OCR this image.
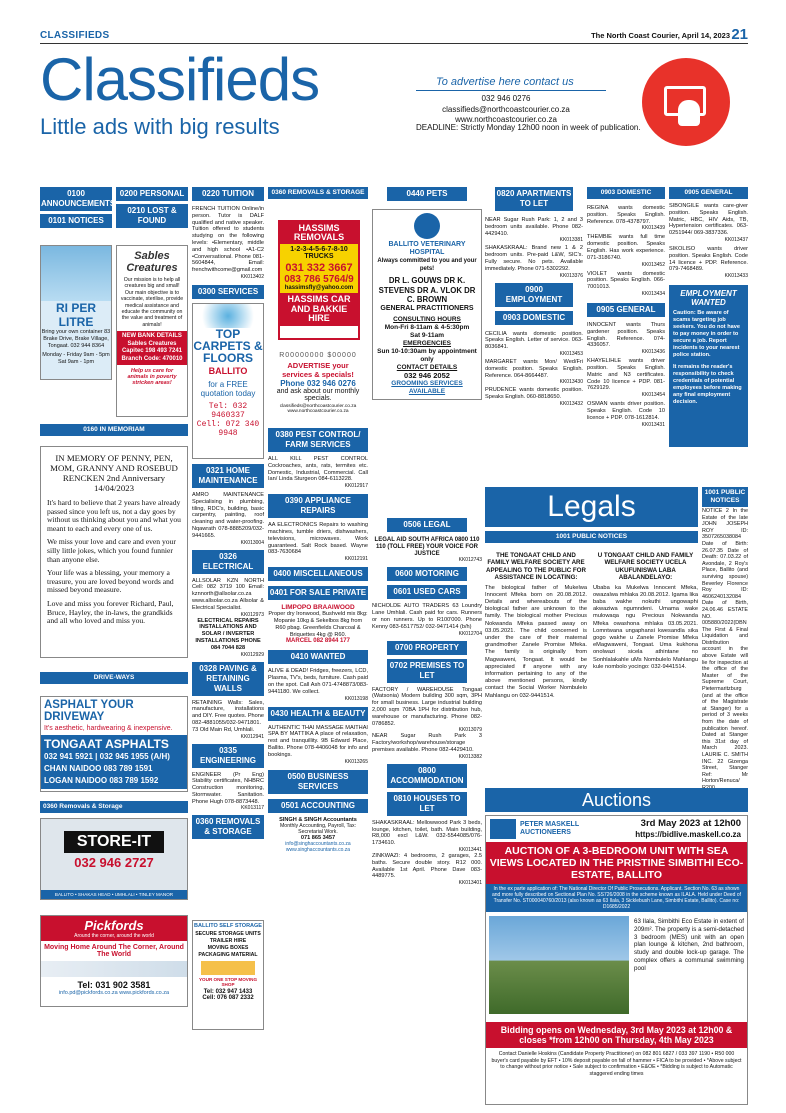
CLASSIFIEDS	The North Coast Courier, April 14, 2023 21
Classifieds
Little ads with big results
To advertise here contact us
032 946 0276
classifieds@northcoastcourier.co.za
www.northcoastcourier.co.za
DEADLINE: Strictly Monday 12h00 noon in week of publication.
0100 ANNOUNCEMENTS
0101 NOTICES
RI PER LITRE
Bring your own container 83 Brake Drive, Brake Village, Tongaat. 032 944 8364
Monday - Friday 9am - 5pm Sat 9am - 1pm
0160 IN MEMORIAM
IN MEMORY OF PENNY, PEN, MOM, GRANNY AND ROSEBUD RENCKEN 2nd Anniversary 14/04/2023

It's hard to believe that 2 years have already passed since you left us, not a day goes by without us thinking about you and what you meant to each and every one of us.

We miss your love and care and even your silly little jokes, which you found funnier than anyone else.

Your life was a blessing, your memory a treasure, you are loved beyond words and missed beyond measure.

Love and miss you forever Richard, Paul, Bruce, Hayley, the in-laws, the grandkids and all who loved and miss you.

DRIVE-WAYS
ASPHALT YOUR DRIVEWAY
It's aesthetic, hardwearing & inexpensive.
TONGAAT ASPHALTS
032 941 5921 | 032 945 1955 (A/H)
CHAN NAIDOO 083 789 1591
LOGAN NAIDOO 083 789 1592
0360 Removals & Storage
STORE-IT
032 946 2727
BALLITO • SHAKAS HEAD • UMHLALI • TINLEY MANOR
Pickfords
Around the corner, around the world
Moving Home Around The Corner, Around The World
Tel: 031 902 3581
info.pd@pickfords.co.za www.pickfords.co.za
0200 PERSONAL
0210 LOST & FOUND
Sables Creatures
Our mission is to help all creatures big and small! Our main objective is to vaccinate, sterilise, provide medical assistance and educate the community on the value and treatment of animals!
NEW BANK DETAILS Sables Creatures Capitec 198 493 7241 Branch Code: 470010
Help us care for animals in poverty stricken areas!
0220 TUITION
FRENCH TUITION Online/in person. Tutor is DALF qualified and native speaker. Tuition offered to students studying on the following levels: •Elementary, middle and high school •A1-C2 •Conversational. Phone 081-5604844, Email: frenchwithcome@gmail.com
KK013402
0300 SERVICES
TOP CARPETS & FLOORS
BALLITO
for a FREE quotation today
Tel: 032 9460337
Cell: 072 340 9948
0321 HOME MAINTENANCE
AMRO MAINTENANCE Specialising in plumbing, tiling, RDC's, building, basic carpentry, painting, roof cleaning and water-proofing. Nqawrath 078-8885209/032-9441665.
KK013004
0326 ELECTRICAL
ALLSOLAR KZN NORTH Cell: 082 3719 100 Email: kznnorth@allsolar.co.za www.allsolar.co.za Allsolar & Electrical Specialist.
KK012973
ELECTRICAL REPAIRS INSTALLATIONS AND SOLAR / INVERTER INSTALLATIONS PHONE 084 7044 828
KK012929
0328 PAVING & RETAINING WALLS
RETAINING Walls: Sales, manufacture, installations and DIY. Free quotes. Phone 082-4881055/032-9471801. 73 Old Main Rd, Umhlali.
KK012941
0335 ENGINEERING
ENGINEER (Pr Eng) Stability certificates, NHBRC Construction monitoring, Stormwater. Sanitation. Phone Hugh 078-8873448.
KK013117
0360 REMOVALS & STORAGE
BALLITO SELF STORAGE
SECURE STORAGE UNITS
TRAILER HIRE
MOVING BOXES
PACKAGING MATERIAL
YOUR ONE STOP MOVING SHOP
Tel: 032 947 1433
Cell: 076 087 2332
0360 REMOVALS & STORAGE
HASSIMS REMOVALS
1-2-3-4-5-6-7-8-10 TRUCKS
031 332 3667
083 786 5764/9
hassimsfly@yahoo.com
HASSIMS CAR AND BAKKIE HIRE
R00000000 $00000
ADVERTISE your services & specials!
Phone 032 946 0276
and ask about our monthly specials.
classifieds@northcoastcourier.co.za www.northcoastcourier.co.za
0380 PEST CONTROL/ FARM SERVICES
ALL KILL PEST CONTROL Cockroaches, ants, rats, termites etc. Domestic, Industrial, Commercial. Call Ian/ Linda Sturgeon 084-6113228.
KK012917
0390 APPLIANCE REPAIRS
AA ELECTRONICS Repairs to washing machines, tumble driers, dishwashers, televisions, microwaves. Work guaranteed. Salt Rock based. Wayne 083-7630684
KK012191
0400 MISCELLANEOUS
0401 FOR SALE PRIVATE
LIMPOPO BRAAIWOOD
Proper dry Ironwood, Bushveld mix 8kg: Mopanie 10kg & Sekelbos 8kg from R60 pbag. Greenfields Charcoal & Briquettes 4kg @ R60.
MARCEL 082 8944 177
0410 WANTED
ALIVE & DEAD! Fridges, freezers, LCD, Plasma, TV's, beds, furniture. Cash paid on the spot. Call Ash 071-4748873/083-9441180. We collect.
KK013198
0430 HEALTH & BEAUTY
AUTHENTIC THAI MASSAGE MAITHAI SPA BY MATTIKA A place of relaxation, rest and tranquillity. 9B Edward Place, Ballito. Phone 078-4406048 for info and bookings.
KK013265
0500 BUSINESS SERVICES
0501 ACCOUNTING
SINGH & SINGH Accountants
Monthly Accounting, Payroll, Tax: Secretarial Work.
071 865 3457
info@singhaccountants.co.za www.singhaccountants.co.za
0440 PETS
BALLITO VETERINARY HOSPITAL
Always committed to you and your pets!
DR L. GOUWS DR K. STEVENS DR A. VLOK DR C. BROWN
GENERAL PRACTITIONERS
CONSULTING HOURS
Mon-Fri 8-11am & 4-5:30pm
Sat 9-11am
EMERGENCIES
Sun 10-10:30am by appointment only
CONTACT DETAILS
032 946 2052
GROOMING SERVICES AVAILABLE
0506 LEGAL
LEGAL AID SOUTH AFRICA 0800 110 110 (TOLL FREE) YOUR VOICE FOR JUSTICE
KK012743
0600 MOTORING
0601 USED CARS
NICHOLDE AUTO TRADERS 63 Loundry Lane Umhlali. Cash paid for cars. Runners or non runners. Up to R100'000. Phone Kenny 083-6517752/ 032-9471414 (b/h)
KK012704
0700 PROPERTY
0702 PREMISES TO LET
FACTORY / WAREHOUSE Tongaat (Watsonia) Modern building 300 sqm, 3PH for small business. Large industrial building 2,000 sqm 70BA 1PH for distribution hub, warehouse or manufacturing. Phone 082-0786852.
KK013079
NEAR Sugar Rush Park 3 Factory/workshop/warehouse/storage premises available. Phone 082-4429410.
KK013382
0800 ACCOMMODATION
0810 HOUSES TO LET
SHAKASKRAAL: Mellowwood Park 3 beds, lounge, kitchen, toilet, bath. Main building, R8,000 excl L&W. 032-5544085/076-1734610.
KK013441
ZINKWAZI: 4 bedrooms, 2 garages, 2.5 baths. Secure double story. R12 000. Available 1st April. Phone Dave 083-4489775.
KK013401
0820 APARTMENTS TO LET
NEAR Sugar Rush Park: 1, 2 and 3 bedroom units available. Phone 082-4429410.
KK013381
SHAKASKRAAL: Brand new 1 & 2 bedroom units. Pre-paid L&W, SIC's. Fully secure. No pets. Available immediately. Phone 071-5302292.
KK013376
0900 EMPLOYMENT
0903 DOMESTIC
CECILIA wants domestic position. Speaks English. Letter of service. 063-8036841.
KK013453
MARGARET wants Mon/ Wed/Fri domestic position. Speaks English. Reference. 064-8664487.
KK013430
PRUDENCE wants domestic position. Speaks English. 060-8818650.
KK013432
0903 DOMESTIC
REGINA wants domestic position. Speaks English. Reference. 078-4378797.
KK013439
THEMBIE wants full time domestic position. Speaks English. Has work experience. 071-3186740.
KK013452
VIOLET wants domestic position. Speaks English. 066-7001013.
KK013434
0905 GENERAL
INNOCENT wants Thurs gardener position. Speaks English. Reference. 074-4336057.
KK013436
KHAYELIHLE wants driver position. Speaks English. Matric and N3 certificates. Code 10 licence + PDP. 081-7629129.
KK013454
OSMAN wants driver position. Speaks English. Code 10 licence + PDP. 078-1612814.
KK013431
0905 GENERAL
SIBONGILE wants care-giver position. Speaks English. Matric, HBC, HIV Aids, TB, Hypertension certificates. 063-0251944/ 069-3837336.
KK013437
SIKOLISO wants driver position. Speaks English. Code 14 licence + PDP. Reference. 079-7468489.
KK013433
EMPLOYMENT WANTED
Caution: Be aware of scams targeting job seekers. You do not have to pay money in order to secure a job. Report incidents to your nearest police station.
It remains the reader's responsibility to check credentials of potential employees before making any final employment decision.
Legals
1001 PUBLIC NOTICES
THE TONGAAT CHILD AND FAMILY WELFARE SOCIETY ARE APPEALING TO THE PUBLIC FOR ASSISTANCE IN LOCATING:
The biological father of Mukelwa Innocent Mfeka born on 20.08.2012. Details and whereabouts of the biological father are unknown to the family. The biological mother Precious Nokwanda Mfeka passed away on 03.05.2021. The child concerned is under the care of their maternal grandmother Zanele Promise Mfeka. The family is originally from Magwaweni, Tongaat. It would be appreciated if anyone with any information pertaining to any of the above mentioned persons, kindly contact the Social Worker Nombulelo Mahlangu on 032-9441514.
U TONGAAT CHILD AND FAMILY WELFARE SOCIETY UCELA UKUFUNISWA LABA ABALANDELAYO:
Ubaba ka Mukelwa Innocent Mfeka, owazalwa mhlaka 20.08.2012. Igama lika baba wakhe nokuthi ungowaphi akwaziwa ngumndeni. Umama wake mulowaqa ngu Precious Nokwanda Mfeka owashona mhlaka 03.05.2021. Lomntwana ungaphansi kwesandla sika gogo wakhe u Zanele Promise Mfeka eMagwaweni, Tongaat. Uma kukhona onolwazi sicela athintane no Sonhlalakahle uMs Nombulelo Mahlangu kule nombolo yocingo: 032-9441514.
1001 PUBLIC NOTICES
NOTICE 2 In the Estate of the late JOHN JOSEPH ROY ID: 3507265038084 Date of Birth: 26.07.35 Date of Death: 07.03.22 of Avondale, 2 Roy's Place, Ballito (and surviving spouse) Beverley Florence Roy ID: 4606240132084 Date of Birth, 24.06.46 ESTATE NO. 005880/2022(DBN The First & Final Liquidation and Distribution account in the above Estate will lie for inspection at the office of the Master of the Supreme Court, Pietermaritzburg (and at the office of the Magistrate at Stanger) for a period of 3 weeks from the date of publication hereof. Dated at Stanger this 31st day of March 2023. LAURIE C. SMITH INC. 22 Gizenga Street, Stanger Ref: Mr Horton/Renuca/
Auctions
PETER MASKELL AUCTIONEERS
3rd May 2023 at 12h00
https://bidlive.maskell.co.za
AUCTION OF A 3-BEDROOM UNIT WITH SEA VIEWS LOCATED IN THE PRISTINE SIMBITHI ECO-ESTATE, BALLITO
In the ex parte application of: The National Director Of Public Prosecutions. Applicant. Section No. 63 as shown and more fully described on Sectional Plan No. SS726/2008 in the scheme known as ILALA. Held under Deed of Transfer No. ST000040760/2013 (also known as 63 Ilala, 3 Sicklebush Lane, Simbithi Estate, Ballito). Case no: D1685/2022
63 Ilala, Simbithi Eco Estate in extent of 209m². The property is a semi-detached 3 bedroom (MES) unit with an open plan lounge & kitchen, 2nd bathroom, study and double lock-up garage. The complex offers a communal swimming pool
Bidding opens on Wednesday, 3rd May 2023 at 12h00 & closes *from 12h00 on Thursday, 4th May 2023
Contact Danielle Hoskins (Candidate Property Practitioner) on 082 801 6827 / 033 397 1190 • R50 000 buyer's card payable by EFT • 10% deposit payable on fall of hammer • FICA to be provided • *Above subject to change without prior notice • Sale subject to confirmation • E&OE • *Bidding is subject to Automatic staggered ending times
